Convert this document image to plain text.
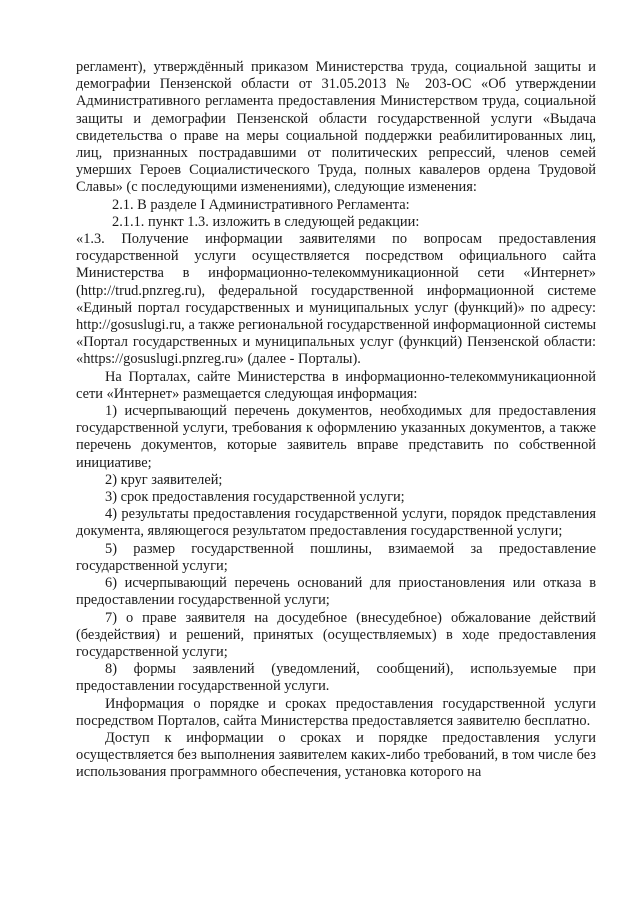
регламент), утверждённый приказом Министерства труда, социальной защиты и демографии Пензенской области от 31.05.2013 № 203-ОС «Об утверждении Административного регламента предоставления Министерством труда, социальной защиты и демографии Пензенской области государственной услуги «Выдача свидетельства о праве на меры социальной поддержки реабилитированных лиц, лиц, признанных пострадавшими от политических репрессий, членов семей умерших Героев Социалистического Труда, полных кавалеров ордена Трудовой Славы» (с последующими изменениями), следующие изменения:

2.1. В разделе I Административного Регламента:

2.1.1. пункт 1.3. изложить в следующей редакции:

«1.3. Получение информации заявителями по вопросам предоставления государственной услуги осуществляется посредством официального сайта Министерства в информационно-телекоммуникационной сети «Интернет» (http://trud.pnzreg.ru), федеральной государственной информационной системе «Единый портал государственных и муниципальных услуг (функций)» по адресу: http://gosuslugi.ru, а также региональной государственной информационной системы «Портал государственных и муниципальных услуг (функций) Пензенской области: «https://gosuslugi.pnzreg.ru» (далее - Порталы).

На Порталах, сайте Министерства в информационно-телекоммуникационной сети «Интернет» размещается следующая информация:

1) исчерпывающий перечень документов, необходимых для предоставления государственной услуги, требования к оформлению указанных документов, а также перечень документов, которые заявитель вправе представить по собственной инициативе;

2) круг заявителей;

3) срок предоставления государственной услуги;

4) результаты предоставления государственной услуги, порядок представления документа, являющегося результатом предоставления государственной услуги;

5) размер государственной пошлины, взимаемой за предоставление государственной услуги;

6) исчерпывающий перечень оснований для приостановления или отказа в предоставлении государственной услуги;

7) о праве заявителя на досудебное (внесудебное) обжалование действий (бездействия) и решений, принятых (осуществляемых) в ходе предоставления государственной услуги;

8) формы заявлений (уведомлений, сообщений), используемые при предоставлении государственной услуги.

Информация о порядке и сроках предоставления государственной услуги посредством Порталов, сайта Министерства предоставляется заявителю бесплатно.

Доступ к информации о сроках и порядке предоставления услуги осуществляется без выполнения заявителем каких-либо требований, в том числе без использования программного обеспечения, установка которого на
